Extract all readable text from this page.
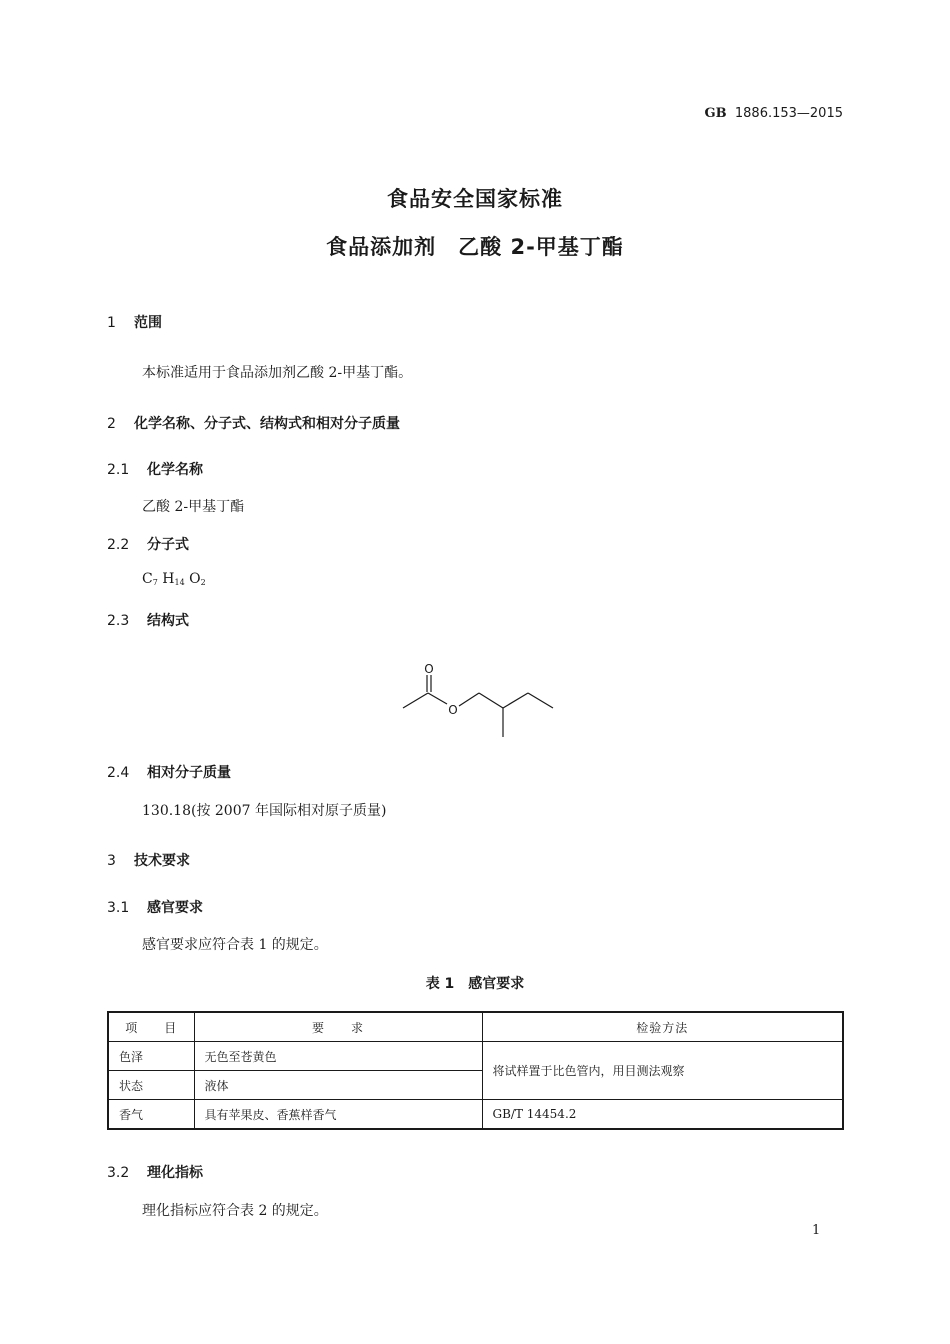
GB 1886.153—2015
食品安全国家标准
食品添加剂　乙酸 2-甲基丁酯
1 范围
本标准适用于食品添加剂乙酸 2-甲基丁酯。
2 化学名称、分子式、结构式和相对分子质量
2.1 化学名称
乙酸 2-甲基丁酯
2.2 分子式
$C_7$ $H_{14}$ $O_2$
2.3 结构式
O
O
2.4 相对分子质量
130.18(按 2007 年国际相对原子质量)
3 技术要求
3.1 感官要求
感官要求应符合表 1 的规定。
表 1　感官要求
项　　目	要　　求	检验方法
色泽	无色至苍黄色	将试样置于比色管内，用目测法观察
状态	液体	
香气	具有苹果皮、香蕉样香气	GB/T 14454.2
3.2 理化指标
理化指标应符合表 2 的规定。
1
